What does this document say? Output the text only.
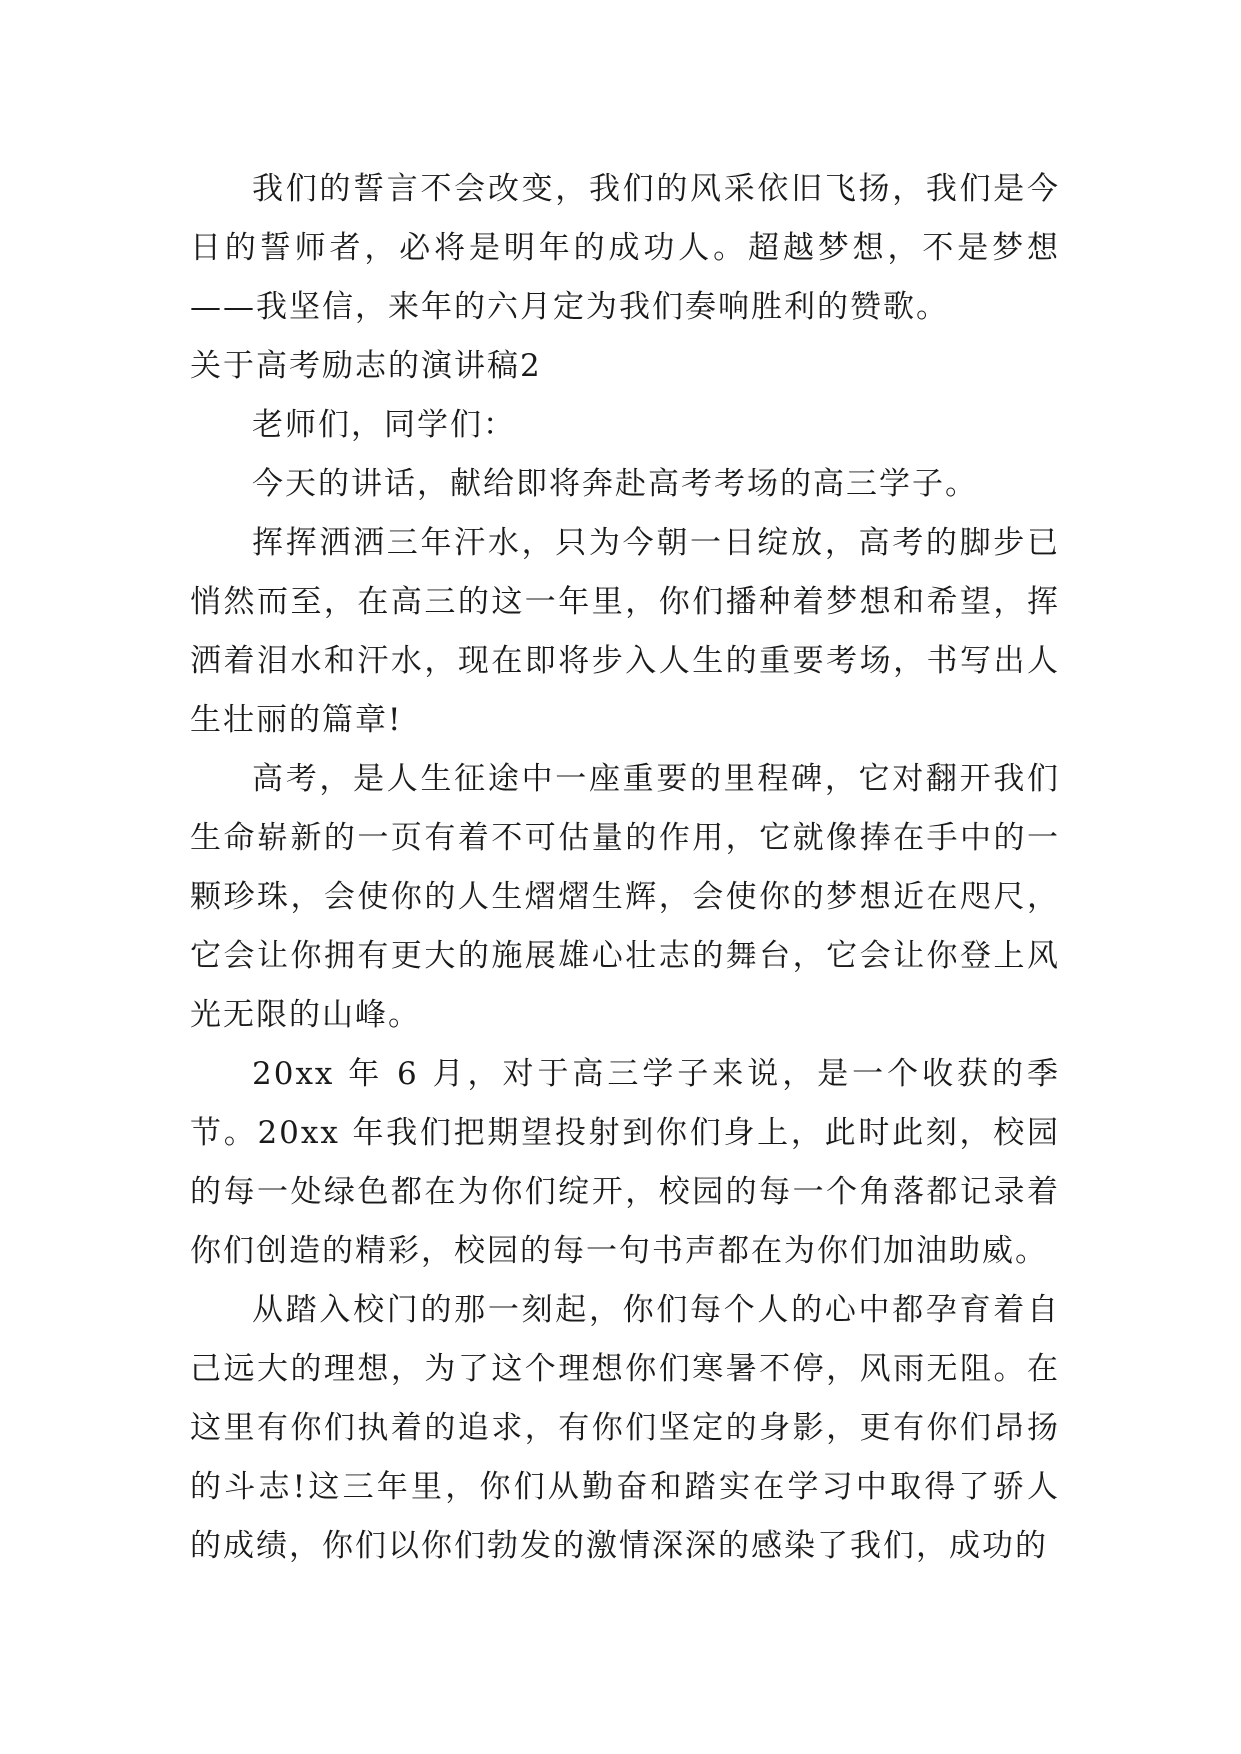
我们的誓言不会改变，我们的风采依旧飞扬，我们是今日的誓师者，必将是明年的成功人。超越梦想，不是梦想——我坚信，来年的六月定为我们奏响胜利的赞歌。

关于高考励志的演讲稿2

老师们，同学们：

今天的讲话，献给即将奔赴高考考场的高三学子。

挥挥洒洒三年汗水，只为今朝一日绽放，高考的脚步已悄然而至，在高三的这一年里，你们播种着梦想和希望，挥洒着泪水和汗水，现在即将步入人生的重要考场，书写出人生壮丽的篇章!

高考，是人生征途中一座重要的里程碑，它对翻开我们生命崭新的一页有着不可估量的作用，它就像捧在手中的一颗珍珠，会使你的人生熠熠生辉，会使你的梦想近在咫尺，它会让你拥有更大的施展雄心壮志的舞台，它会让你登上风光无限的山峰。

20xx 年 6 月，对于高三学子来说，是一个收获的季节。20xx 年我们把期望投射到你们身上，此时此刻，校园的每一处绿色都在为你们绽开，校园的每一个角落都记录着你们创造的精彩，校园的每一句书声都在为你们加油助威。

从踏入校门的那一刻起，你们每个人的心中都孕育着自己远大的理想，为了这个理想你们寒暑不停，风雨无阻。在这里有你们执着的追求，有你们坚定的身影，更有你们昂扬的斗志!这三年里，你们从勤奋和踏实在学习中取得了骄人的成绩，你们以你们勃发的激情深深的感染了我们，成功的
